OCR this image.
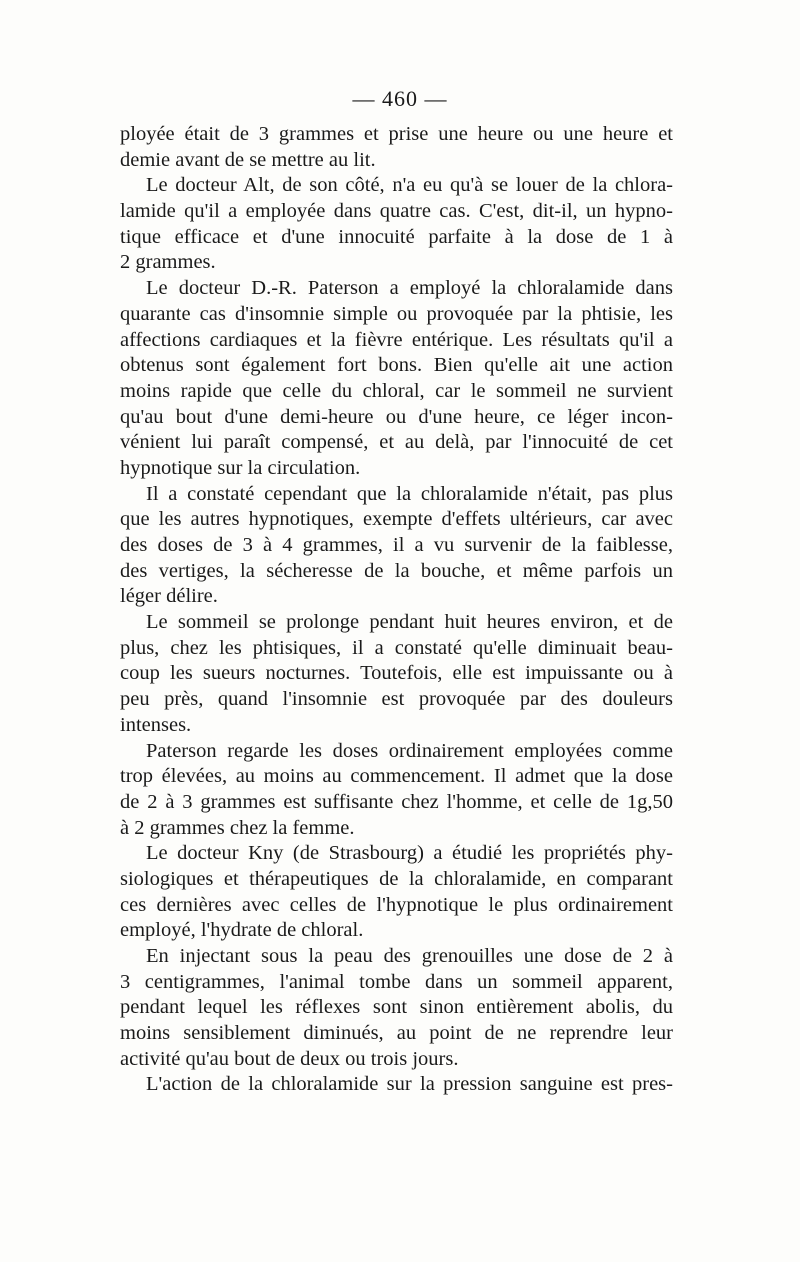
— 460 —
ployée était de 3 grammes et prise une heure ou une heure et
demie avant de se mettre au lit.
Le docteur Alt, de son côté, n'a eu qu'à se louer de la chlora-
lamide qu'il a employée dans quatre cas. C'est, dit-il, un hypno-
tique efficace et d'une innocuité parfaite à la dose de 1 à
2 grammes.
Le docteur D.-R. Paterson a employé la chloralamide dans
quarante cas d'insomnie simple ou provoquée par la phtisie, les
affections cardiaques et la fièvre entérique. Les résultats qu'il a
obtenus sont également fort bons. Bien qu'elle ait une action
moins rapide que celle du chloral, car le sommeil ne survient
qu'au bout d'une demi-heure ou d'une heure, ce léger incon-
vénient lui paraît compensé, et au delà, par l'innocuité de cet
hypnotique sur la circulation.
Il a constaté cependant que la chloralamide n'était, pas plus
que les autres hypnotiques, exempte d'effets ultérieurs, car avec
des doses de 3 à 4 grammes, il a vu survenir de la faiblesse,
des vertiges, la sécheresse de la bouche, et même parfois un
léger délire.
Le sommeil se prolonge pendant huit heures environ, et de
plus, chez les phtisiques, il a constaté qu'elle diminuait beau-
coup les sueurs nocturnes. Toutefois, elle est impuissante ou à
peu près, quand l'insomnie est provoquée par des douleurs
intenses.
Paterson regarde les doses ordinairement employées comme
trop élevées, au moins au commencement. Il admet que la dose
de 2 à 3 grammes est suffisante chez l'homme, et celle de 1g,50
à 2 grammes chez la femme.
Le docteur Kny (de Strasbourg) a étudié les propriétés phy-
siologiques et thérapeutiques de la chloralamide, en comparant
ces dernières avec celles de l'hypnotique le plus ordinairement
employé, l'hydrate de chloral.
En injectant sous la peau des grenouilles une dose de 2 à
3 centigrammes, l'animal tombe dans un sommeil apparent,
pendant lequel les réflexes sont sinon entièrement abolis, du
moins sensiblement diminués, au point de ne reprendre leur
activité qu'au bout de deux ou trois jours.
L'action de la chloralamide sur la pression sanguine est pres-
